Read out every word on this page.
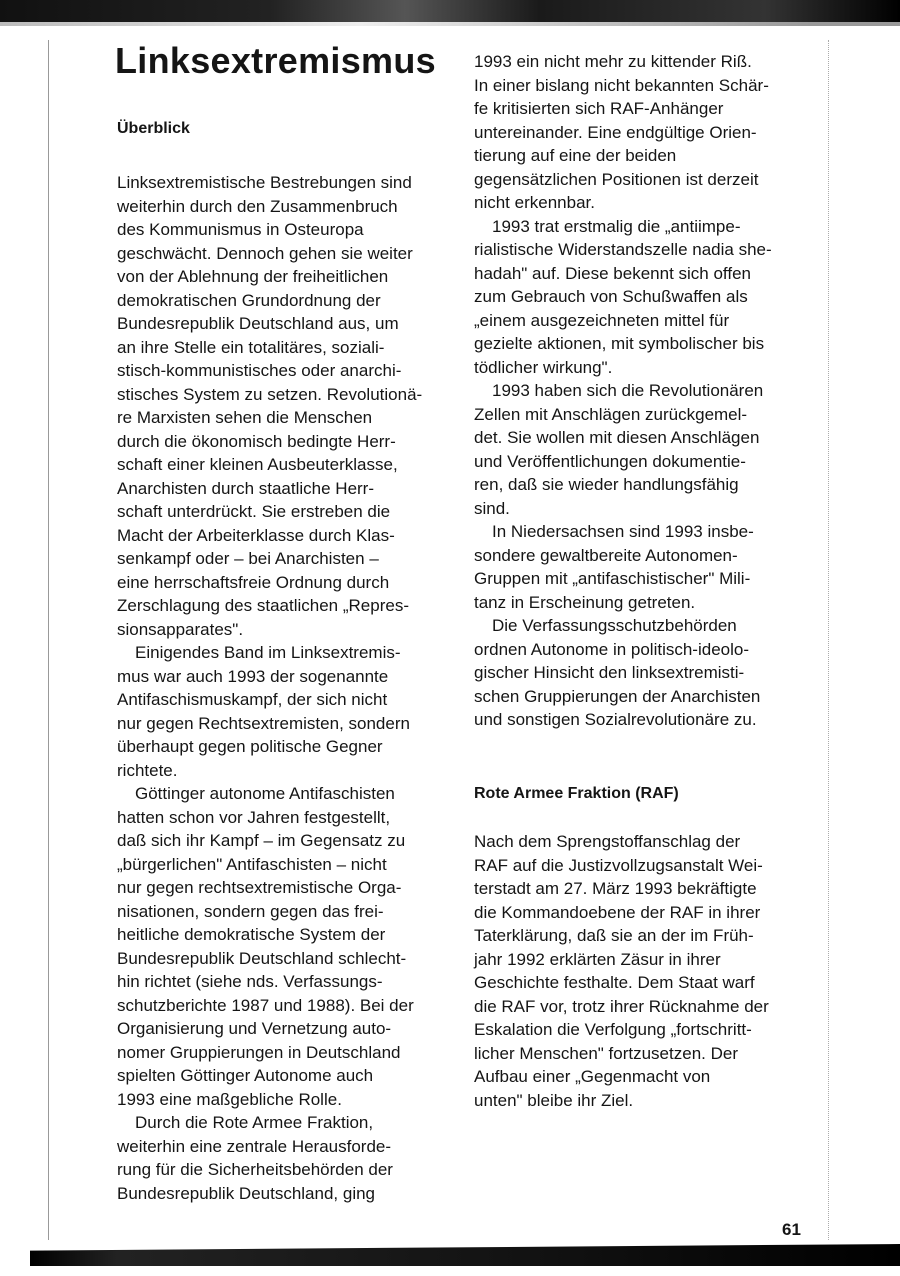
Linksextremismus
Überblick
Linksextremistische Bestrebungen sind
weiterhin durch den Zusammenbruch
des Kommunismus in Osteuropa
geschwächt. Dennoch gehen sie weiter
von der Ablehnung der freiheitlichen
demokratischen Grundordnung der
Bundesrepublik Deutschland aus, um
an ihre Stelle ein totalitäres, soziali-
stisch-kommunistisches oder anarchi-
stisches System zu setzen. Revolutionä-
re Marxisten sehen die Menschen
durch die ökonomisch bedingte Herr-
schaft einer kleinen Ausbeuterklasse,
Anarchisten durch staatliche Herr-
schaft unterdrückt. Sie erstreben die
Macht der Arbeiterklasse durch Klas-
senkampf oder – bei Anarchisten –
eine herrschaftsfreie Ordnung durch
Zerschlagung des staatlichen „Repres-
sionsapparates".
Einigendes Band im Linksextremis-
mus war auch 1993 der sogenannte
Antifaschismuskampf, der sich nicht
nur gegen Rechtsextremisten, sondern
überhaupt gegen politische Gegner
richtete.
Göttinger autonome Antifaschisten
hatten schon vor Jahren festgestellt,
daß sich ihr Kampf – im Gegensatz zu
„bürgerlichen" Antifaschisten – nicht
nur gegen rechtsextremistische Orga-
nisationen, sondern gegen das frei-
heitliche demokratische System der
Bundesrepublik Deutschland schlecht-
hin richtet (siehe nds. Verfassungs-
schutzberichte 1987 und 1988). Bei der
Organisierung und Vernetzung auto-
nomer Gruppierungen in Deutschland
spielten Göttinger Autonome auch
1993 eine maßgebliche Rolle.
Durch die Rote Armee Fraktion,
weiterhin eine zentrale Herausforde-
rung für die Sicherheitsbehörden der
Bundesrepublik Deutschland, ging
1993 ein nicht mehr zu kittender Riß.
In einer bislang nicht bekannten Schär-
fe kritisierten sich RAF-Anhänger
untereinander. Eine endgültige Orien-
tierung auf eine der beiden
gegensätzlichen Positionen ist derzeit
nicht erkennbar.
1993 trat erstmalig die „antiimpe-
rialistische Widerstandszelle nadia she-
hadah" auf. Diese bekennt sich offen
zum Gebrauch von Schußwaffen als
„einem ausgezeichneten mittel für
gezielte aktionen, mit symbolischer bis
tödlicher wirkung".
1993 haben sich die Revolutionären
Zellen mit Anschlägen zurückgemel-
det. Sie wollen mit diesen Anschlägen
und Veröffentlichungen dokumentie-
ren, daß sie wieder handlungsfähig
sind.
In Niedersachsen sind 1993 insbe-
sondere gewaltbereite Autonomen-
Gruppen mit „antifaschistischer" Mili-
tanz in Erscheinung getreten.
Die Verfassungsschutzbehörden
ordnen Autonome in politisch-ideolo-
gischer Hinsicht den linksextremisti-
schen Gruppierungen der Anarchisten
und sonstigen Sozialrevolutionäre zu.
Rote Armee Fraktion (RAF)
Nach dem Sprengstoffanschlag der
RAF auf die Justizvollzugsanstalt Wei-
terstadt am 27. März 1993 bekräftigte
die Kommandoebene der RAF in ihrer
Taterklärung, daß sie an der im Früh-
jahr 1992 erklärten Zäsur in ihrer
Geschichte festhalte. Dem Staat warf
die RAF vor, trotz ihrer Rücknahme der
Eskalation die Verfolgung „fortschritt-
licher Menschen" fortzusetzen. Der
Aufbau einer „Gegenmacht von
unten" bleibe ihr Ziel.
61
